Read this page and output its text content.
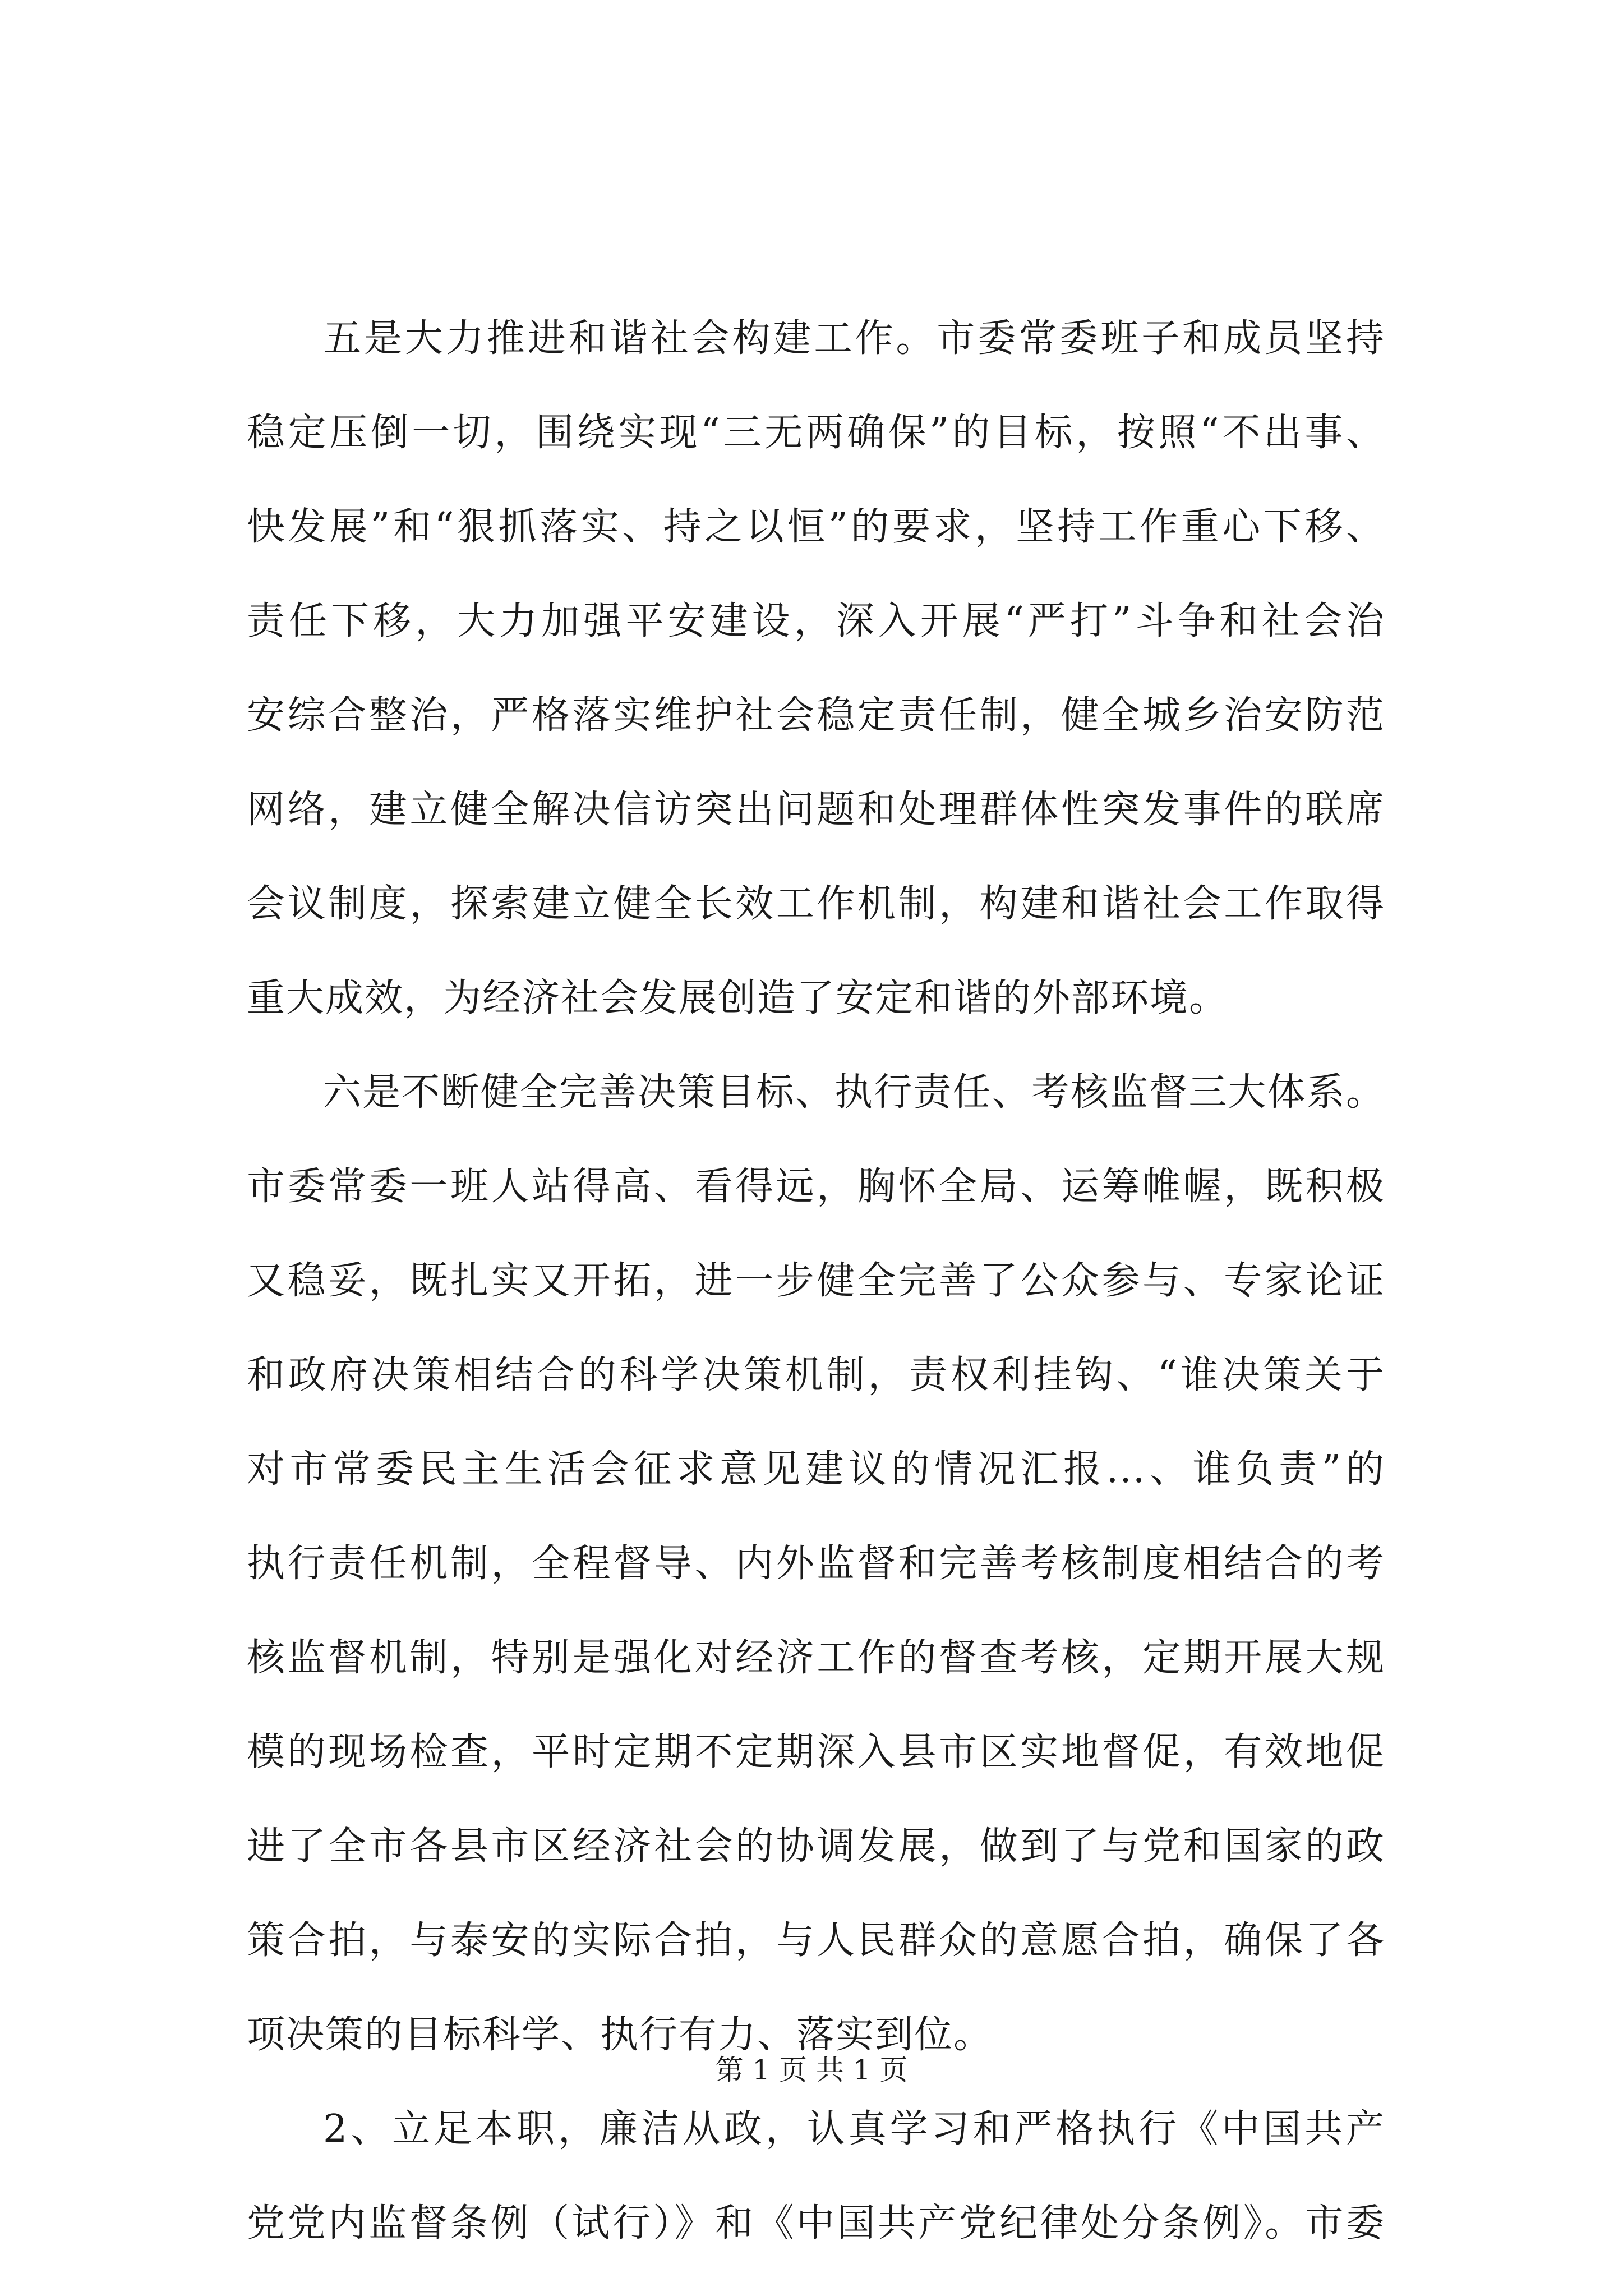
五是大力推进和谐社会构建工作。市委常委班子和成员坚持
稳定压倒一切，围绕实现“三无两确保”的目标，按照“不出事、
快发展”和“狠抓落实、持之以恒”的要求，坚持工作重心下移、
责任下移，大力加强平安建设，深入开展“严打”斗争和社会治
安综合整治，严格落实维护社会稳定责任制，健全城乡治安防范
网络，建立健全解决信访突出问题和处理群体性突发事件的联席
会议制度，探索建立健全长效工作机制，构建和谐社会工作取得
重大成效，为经济社会发展创造了安定和谐的外部环境。
六是不断健全完善决策目标、执行责任、考核监督三大体系。
市委常委一班人站得高、看得远，胸怀全局、运筹帷幄，既积极
又稳妥，既扎实又开拓，进一步健全完善了公众参与、专家论证
和政府决策相结合的科学决策机制，责权利挂钩、“谁决策关于
对市常委民主生活会征求意见建议的情况汇报...、谁负责”的
执行责任机制，全程督导、内外监督和完善考核制度相结合的考
核监督机制，特别是强化对经济工作的督查考核，定期开展大规
模的现场检查，平时定期不定期深入县市区实地督促，有效地促
进了全市各县市区经济社会的协调发展，做到了与党和国家的政
策合拍，与泰安的实际合拍，与人民群众的意愿合拍，确保了各
项决策的目标科学、执行有力、落实到位。
2、立足本职，廉洁从政，认真学习和严格执行《中国共产
党党内监督条例（试行）》和《中国共产党纪律处分条例》。市委
第 1 页 共 1 页
